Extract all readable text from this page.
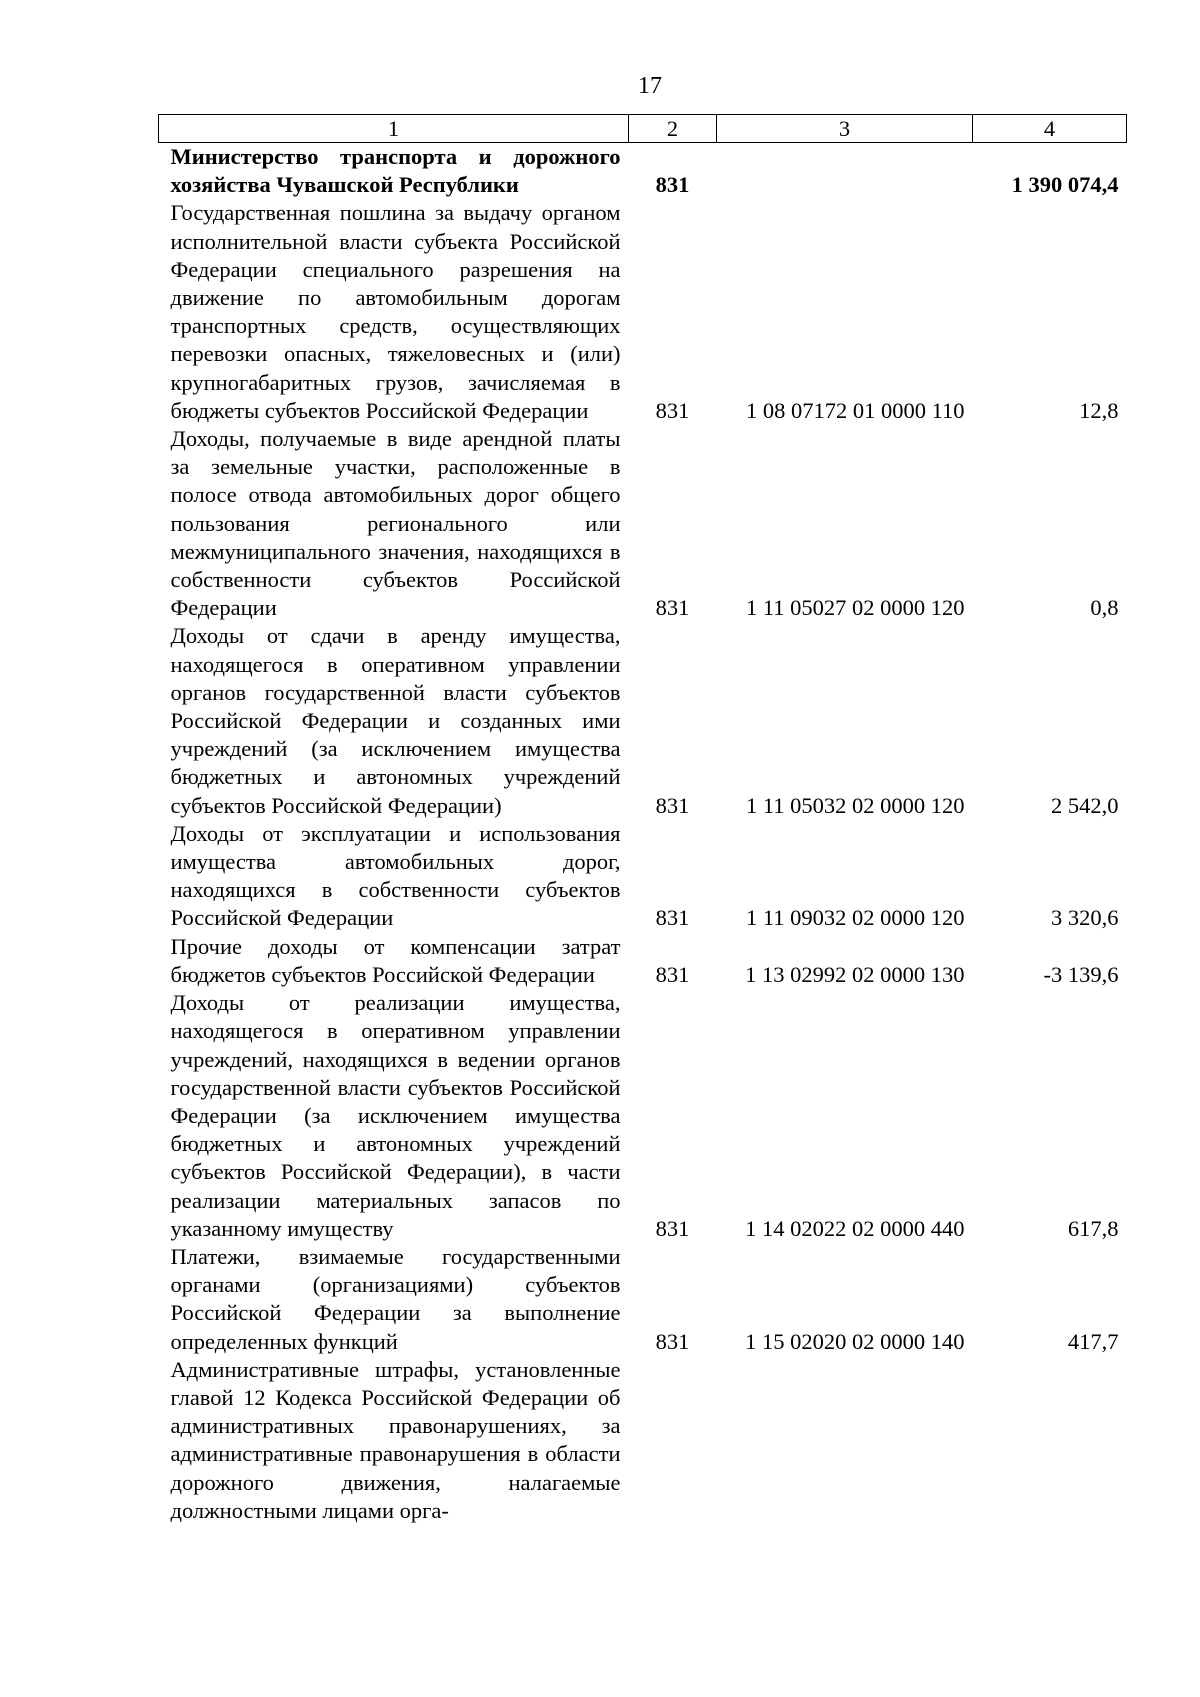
17
1	2	3	4
Министерство транспорта и дорожного хозяйства Чувашской Республики	831		1 390 074,4
Государственная пошлина за выдачу органом исполнительной власти субъекта Российской Федерации специального разрешения на движение по автомобильным дорогам транспортных средств, осуществляющих перевозки опасных, тяжеловесных и (или) крупногабаритных грузов, зачисляемая в бюджеты субъектов Российской Федерации	831	1 08 07172 01 0000 110	12,8
Доходы, получаемые в виде арендной платы за земельные участки, расположенные в полосе отвода автомобильных дорог общего пользования регионального или межмуниципального значения, находящихся в собственности субъектов Российской Федерации	831	1 11 05027 02 0000 120	0,8
Доходы от сдачи в аренду имущества, находящегося в оперативном управлении органов государственной власти субъектов Российской Федерации и созданных ими учреждений (за исключением имущества бюджетных и автономных учреждений субъектов Российской Федерации)	831	1 11 05032 02 0000 120	2 542,0
Доходы от эксплуатации и использования имущества автомобильных дорог, находящихся в собственности субъектов Российской Федерации	831	1 11 09032 02 0000 120	3 320,6
Прочие доходы от компенсации затрат бюджетов субъектов Российской Федерации	831	1 13 02992 02 0000 130	-3 139,6
Доходы от реализации имущества, находящегося в оперативном управлении учреждений, находящихся в ведении органов государственной власти субъектов Российской Федерации (за исключением имущества бюджетных и автономных учреждений субъектов Российской Федерации), в части реализации материальных запасов по указанному имуществу	831	1 14 02022 02 0000 440	617,8
Платежи, взимаемые государственными органами (организациями) субъектов Российской Федерации за выполнение определенных функций	831	1 15 02020 02 0000 140	417,7
Административные штрафы, установленные главой 12 Кодекса Российской Федерации об административных правонарушениях, за административные правонарушения в области дорожного движения, налагаемые должностными лицами орга-			
